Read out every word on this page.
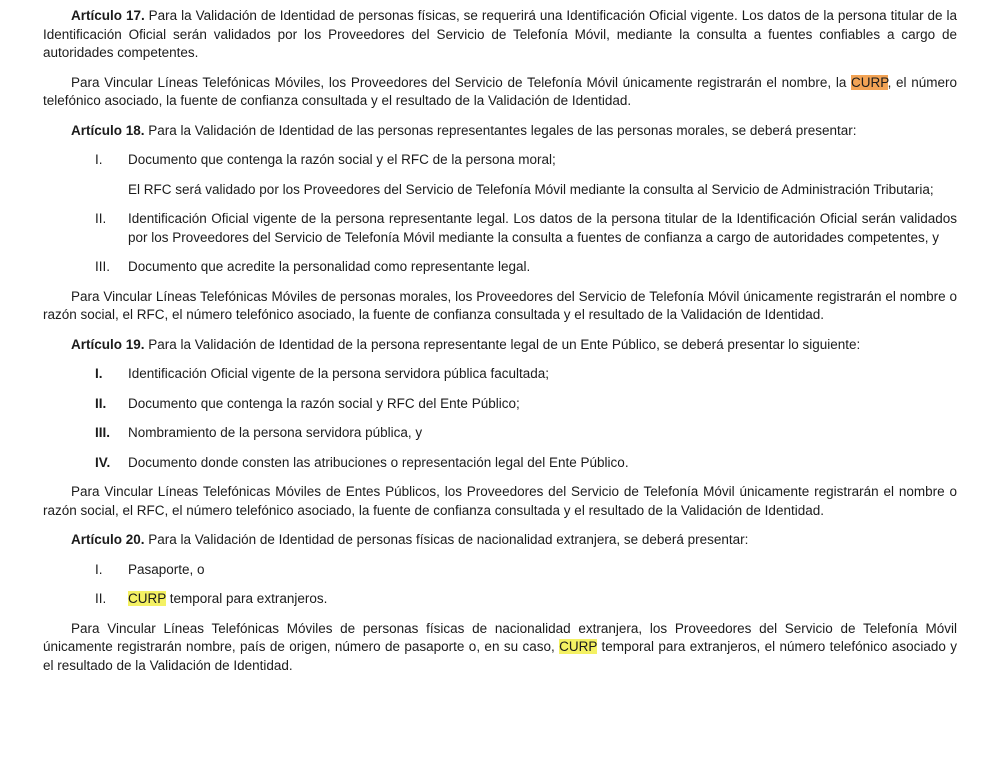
Artículo 17. Para la Validación de Identidad de personas físicas, se requerirá una Identificación Oficial vigente. Los datos de la persona titular de la Identificación Oficial serán validados por los Proveedores del Servicio de Telefonía Móvil, mediante la consulta a fuentes confiables a cargo de autoridades competentes.

Para Vincular Líneas Telefónicas Móviles, los Proveedores del Servicio de Telefonía Móvil únicamente registrarán el nombre, la CURP, el número telefónico asociado, la fuente de confianza consultada y el resultado de la Validación de Identidad.

Artículo 18. Para la Validación de Identidad de las personas representantes legales de las personas morales, se deberá presentar:

I.	Documento que contenga la razón social y el RFC de la persona moral;

El RFC será validado por los Proveedores del Servicio de Telefonía Móvil mediante la consulta al Servicio de Administración Tributaria;

II.	Identificación Oficial vigente de la persona representante legal. Los datos de la persona titular de la Identificación Oficial serán validados por los Proveedores del Servicio de Telefonía Móvil mediante la consulta a fuentes de confianza a cargo de autoridades competentes, y
III.	Documento que acredite la personalidad como representante legal.

Para Vincular Líneas Telefónicas Móviles de personas morales, los Proveedores del Servicio de Telefonía Móvil únicamente registrarán el nombre o razón social, el RFC, el número telefónico asociado, la fuente de confianza consultada y el resultado de la Validación de Identidad.

Artículo 19. Para la Validación de Identidad de la persona representante legal de un Ente Público, se deberá presentar lo siguiente:

I.	Identificación Oficial vigente de la persona servidora pública facultada;
II.	Documento que contenga la razón social y RFC del Ente Público;
III.	Nombramiento de la persona servidora pública, y
IV.	Documento donde consten las atribuciones o representación legal del Ente Público.

Para Vincular Líneas Telefónicas Móviles de Entes Públicos, los Proveedores del Servicio de Telefonía Móvil únicamente registrarán el nombre o razón social, el RFC, el número telefónico asociado, la fuente de confianza consultada y el resultado de la Validación de Identidad.

Artículo 20. Para la Validación de Identidad de personas físicas de nacionalidad extranjera, se deberá presentar:

I.	Pasaporte, o
II.	CURP temporal para extranjeros.

Para Vincular Líneas Telefónicas Móviles de personas físicas de nacionalidad extranjera, los Proveedores del Servicio de Telefonía Móvil únicamente registrarán nombre, país de origen, número de pasaporte o, en su caso, CURP temporal para extranjeros, el número telefónico asociado y el resultado de la Validación de Identidad.
